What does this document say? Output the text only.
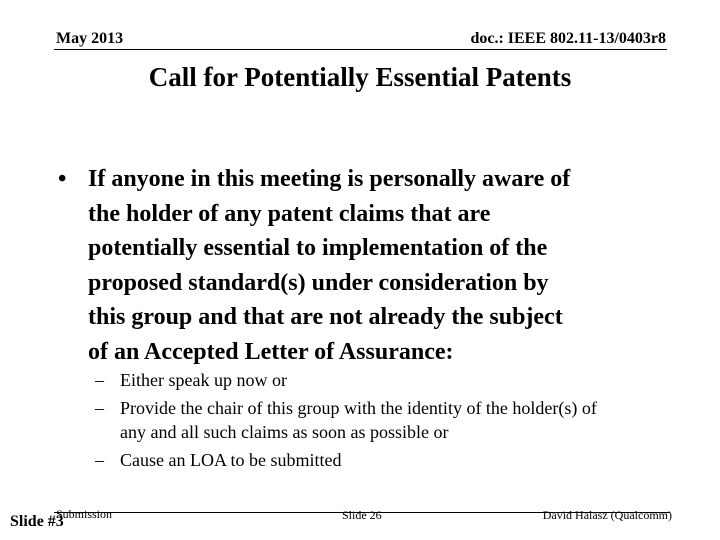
May 2013	doc.: IEEE 802.11-13/0403r8
Call for Potentially Essential Patents
• If anyone in this meeting is personally aware of
the holder of any patent claims that are
potentially essential to implementation of the
proposed standard(s) under consideration by
this group and that are not already the subject
of an Accepted Letter of Assurance:
– Either speak up now or
– Provide the chair of this group with the identity of the holder(s) of
any and all such claims as soon as possible or
– Cause an LOA to be submitted
Submission
Slide #3	Slide 26	David Halasz (Qualcomm)
